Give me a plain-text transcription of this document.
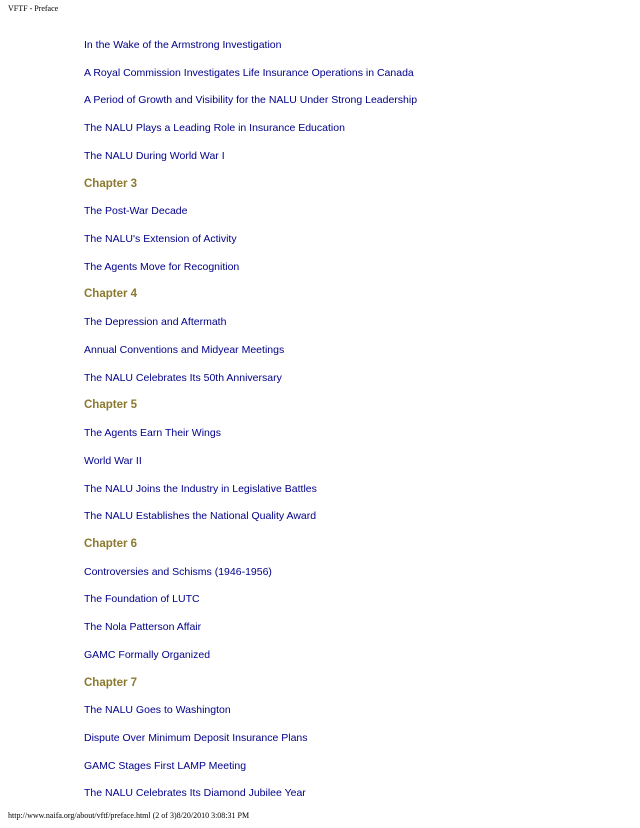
VFTF - Preface
In the Wake of the Armstrong Investigation
A Royal Commission Investigates Life Insurance Operations in Canada
A Period of Growth and Visibility for the NALU Under Strong Leadership
The NALU Plays a Leading Role in Insurance Education
The NALU During World War I
Chapter 3
The Post-War Decade
The NALU's Extension of Activity
The Agents Move for Recognition
Chapter 4
The Depression and Aftermath
Annual Conventions and Midyear Meetings
The NALU Celebrates Its 50th Anniversary
Chapter 5
The Agents Earn Their Wings
World War II
The NALU Joins the Industry in Legislative Battles
The NALU Establishes the National Quality Award
Chapter 6
Controversies and Schisms (1946-1956)
The Foundation of LUTC
The Nola Patterson Affair
GAMC Formally Organized
Chapter 7
The NALU Goes to Washington
Dispute Over Minimum Deposit Insurance Plans
GAMC Stages First LAMP Meeting
The NALU Celebrates Its Diamond Jubilee Year
http://www.naifa.org/about/vftf/preface.html (2 of 3)8/20/2010 3:08:31 PM
